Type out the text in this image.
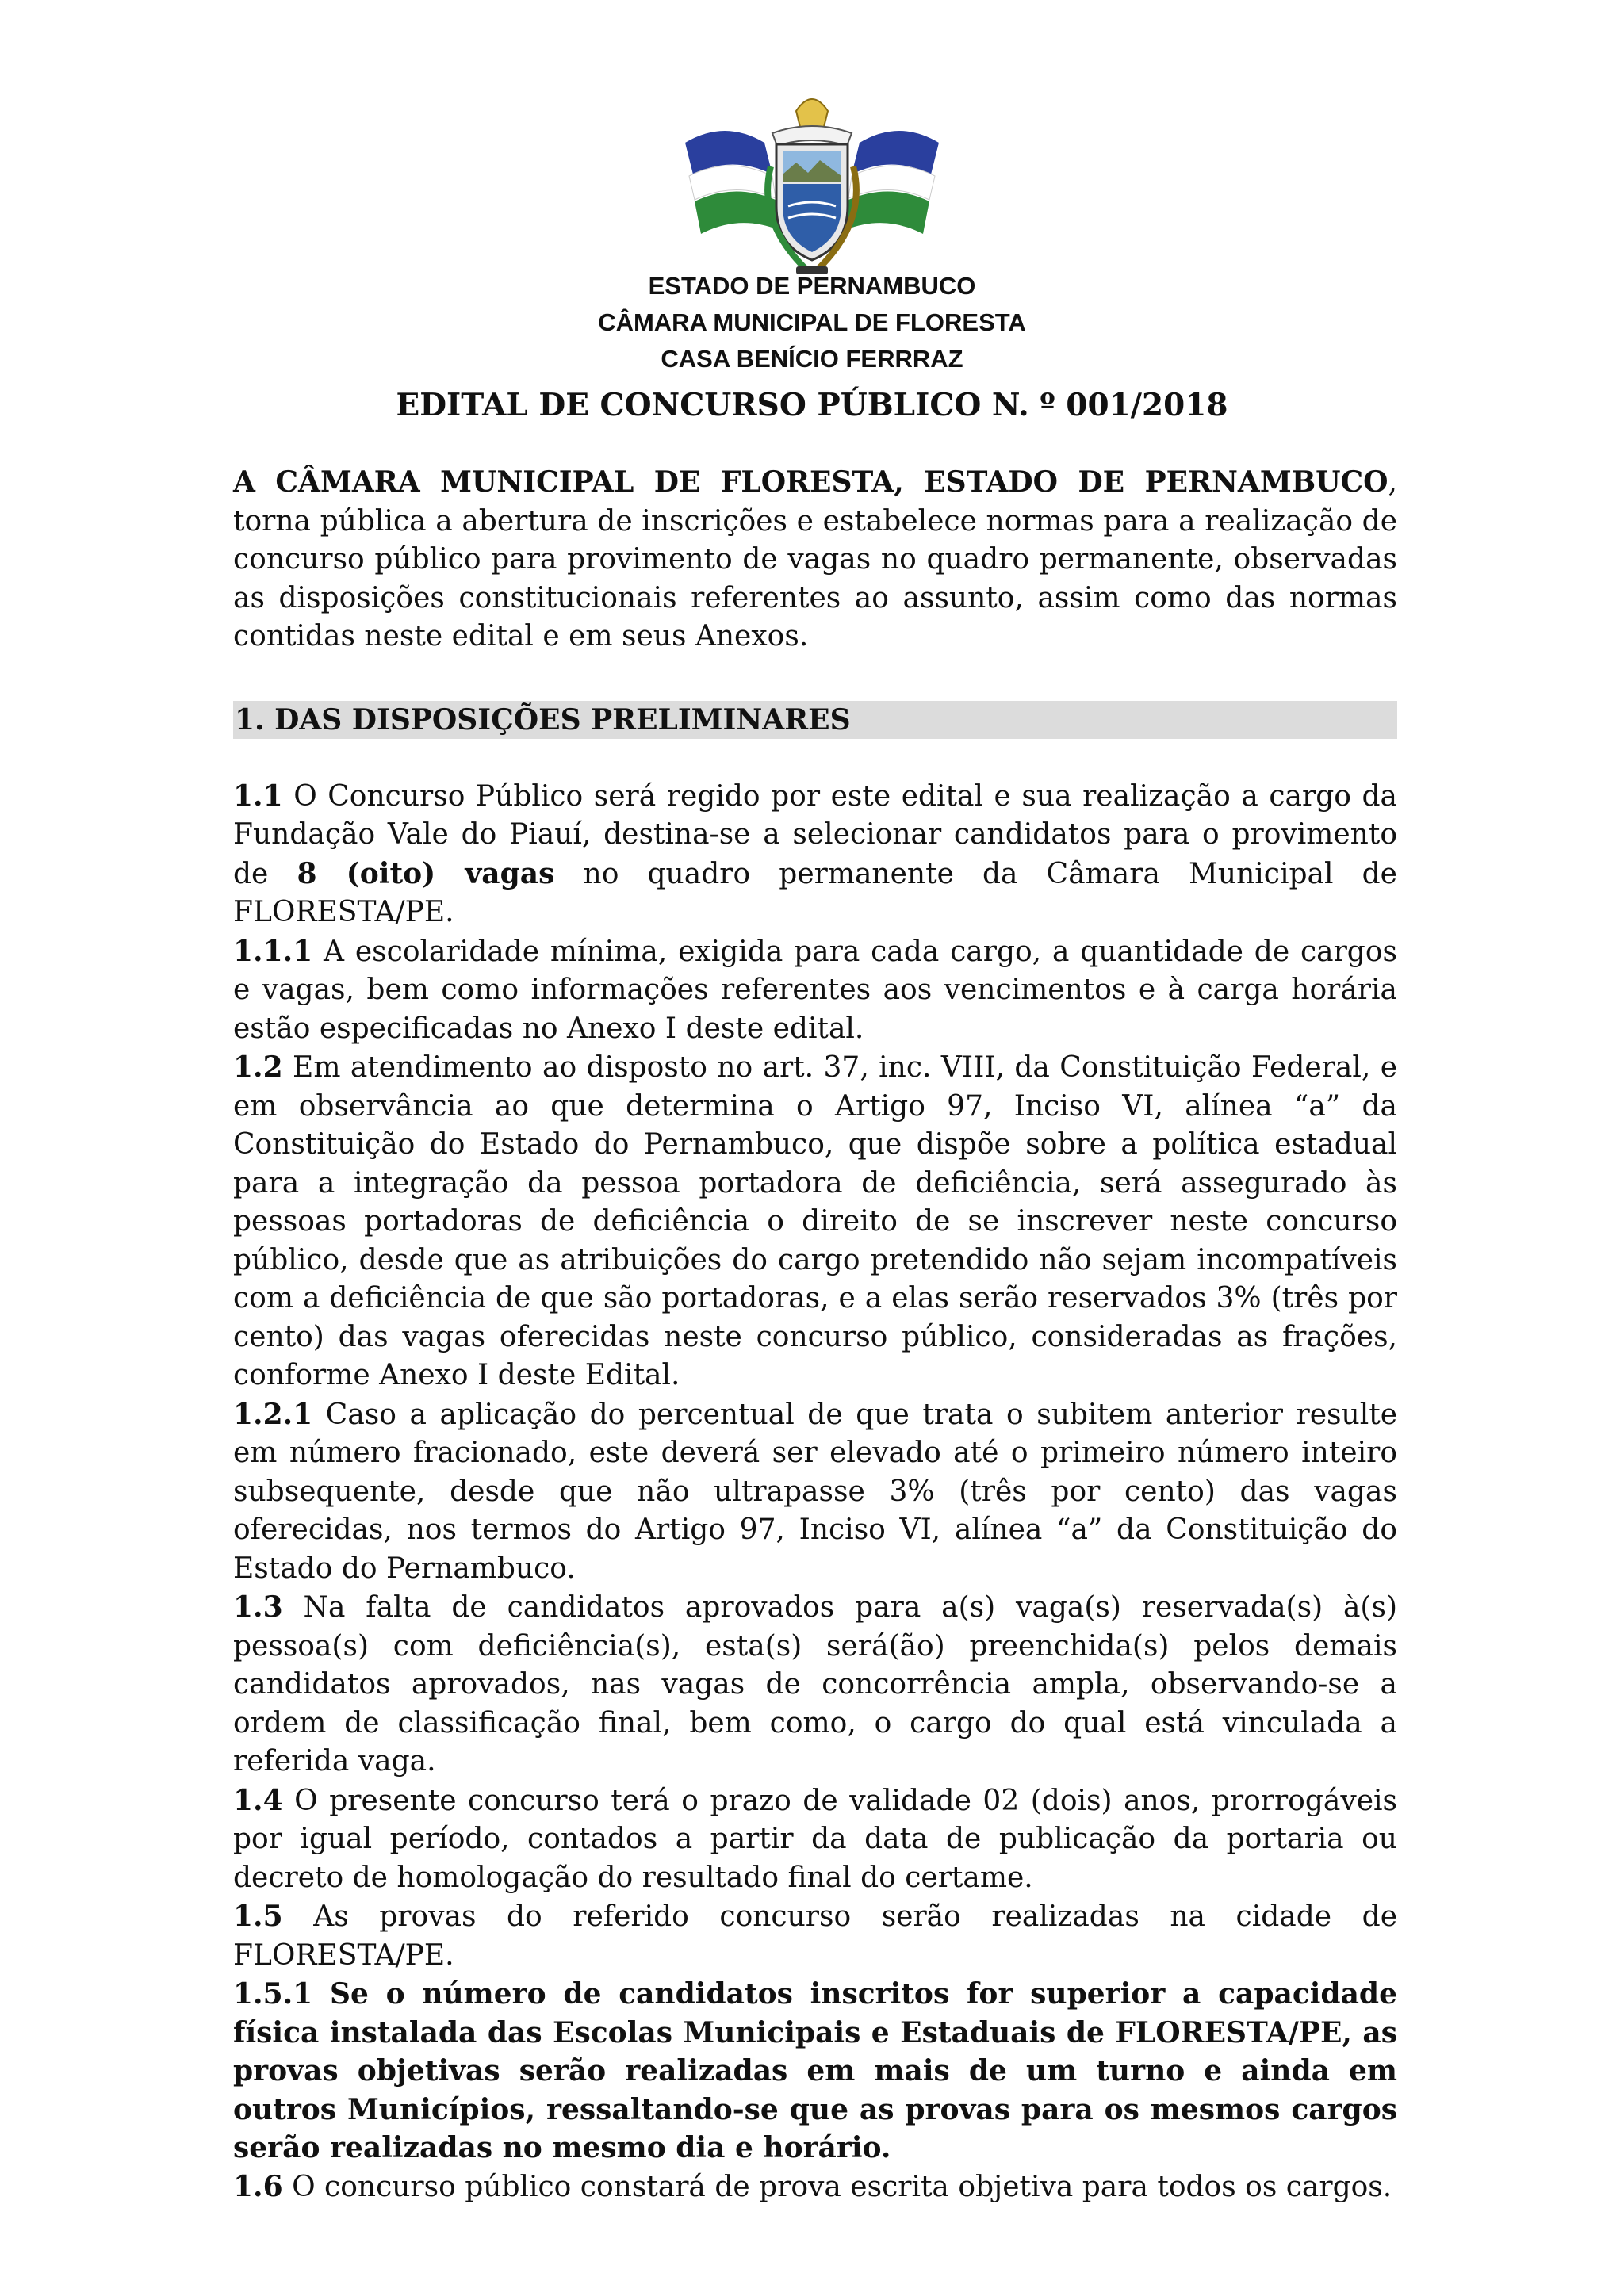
ESTADO DE PERNAMBUCO
CÂMARA MUNICIPAL DE FLORESTA
CASA BENÍCIO FERRRAZ
EDITAL DE CONCURSO PÚBLICO N. º 001/2018

A CÂMARA MUNICIPAL DE FLORESTA, ESTADO DE PERNAMBUCO, torna pública a abertura de inscrições e estabelece normas para a realização de concurso público para provimento de vagas no quadro permanente, observadas as disposições constitucionais referentes ao assunto, assim como das normas contidas neste edital e em seus Anexos.

1. DAS DISPOSIÇÕES PRELIMINARES

1.1 O Concurso Público será regido por este edital e sua realização a cargo da Fundação Vale do Piauí, destina-se a selecionar candidatos para o provimento de 8 (oito) vagas no quadro permanente da Câmara Municipal de FLORESTA/PE.

1.1.1 A escolaridade mínima, exigida para cada cargo, a quantidade de cargos e vagas, bem como informações referentes aos vencimentos e à carga horária estão especificadas no Anexo I deste edital.

1.2 Em atendimento ao disposto no art. 37, inc. VIII, da Constituição Federal, e em observância ao que determina o Artigo 97, Inciso VI, alínea “a” da Constituição do Estado do Pernambuco, que dispõe sobre a política estadual para a integração da pessoa portadora de deficiência, será assegurado às pessoas portadoras de deficiência o direito de se inscrever neste concurso público, desde que as atribuições do cargo pretendido não sejam incompatíveis com a deficiência de que são portadoras, e a elas serão reservados 3% (três por cento) das vagas oferecidas neste concurso público, consideradas as frações, conforme Anexo I deste Edital.

1.2.1 Caso a aplicação do percentual de que trata o subitem anterior resulte em número fracionado, este deverá ser elevado até o primeiro número inteiro subsequente, desde que não ultrapasse 3% (três por cento) das vagas oferecidas, nos termos do Artigo 97, Inciso VI, alínea “a” da Constituição do Estado do Pernambuco.

1.3 Na falta de candidatos aprovados para a(s) vaga(s) reservada(s) à(s) pessoa(s) com deficiência(s), esta(s) será(ão) preenchida(s) pelos demais candidatos aprovados, nas vagas de concorrência ampla, observando-se a ordem de classificação final, bem como, o cargo do qual está vinculada a referida vaga.

1.4 O presente concurso terá o prazo de validade 02 (dois) anos, prorrogáveis por igual período, contados a partir da data de publicação da portaria ou decreto de homologação do resultado final do certame.

1.5 As provas do referido concurso serão realizadas na cidade de FLORESTA/PE.

1.5.1 Se o número de candidatos inscritos for superior a capacidade física instalada das Escolas Municipais e Estaduais de FLORESTA/PE, as provas objetivas serão realizadas em mais de um turno e ainda em outros Municípios, ressaltando-se que as provas para os mesmos cargos serão realizadas no mesmo dia e horário.

1.6 O concurso público constará de prova escrita objetiva para todos os cargos.
